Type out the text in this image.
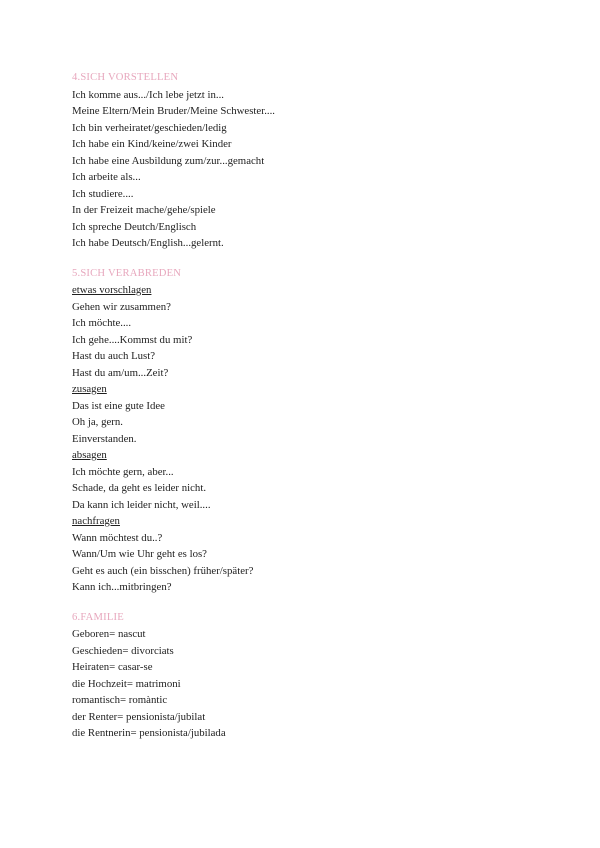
4.SICH VORSTELLEN
Ich komme aus.../Ich lebe jetzt in...
Meine Eltern/Mein Bruder/Meine Schwester....
Ich bin verheiratet/geschieden/ledig
Ich habe ein Kind/keine/zwei Kinder
Ich habe eine Ausbildung zum/zur...gemacht
Ich arbeite als...
Ich studiere....
In der Freizeit mache/gehe/spiele
Ich spreche Deutch/Englisch
Ich habe Deutsch/English...gelernt.
5.SICH VERABREDEN
etwas vorschlagen
Gehen wir zusammen?
Ich möchte....
Ich gehe....Kommst du mit?
Hast du auch Lust?
Hast du am/um...Zeit?
zusagen
Das ist eine gute Idee
Oh ja, gern.
Einverstanden.
absagen
Ich möchte gern, aber...
Schade, da geht es leider nicht.
Da kann ich leider nicht, weil....
nachfragen
Wann möchtest du..?
Wann/Um wie Uhr geht es los?
Geht es auch (ein bisschen) früher/später?
Kann ich...mitbringen?
6.FAMILIE
Geboren= nascut
Geschieden= divorciats
Heiraten= casar-se
die Hochzeit= matrimoni
romantisch= romàntic
der Renter= pensionista/jubilat
die Rentnerin= pensionista/jubilada
